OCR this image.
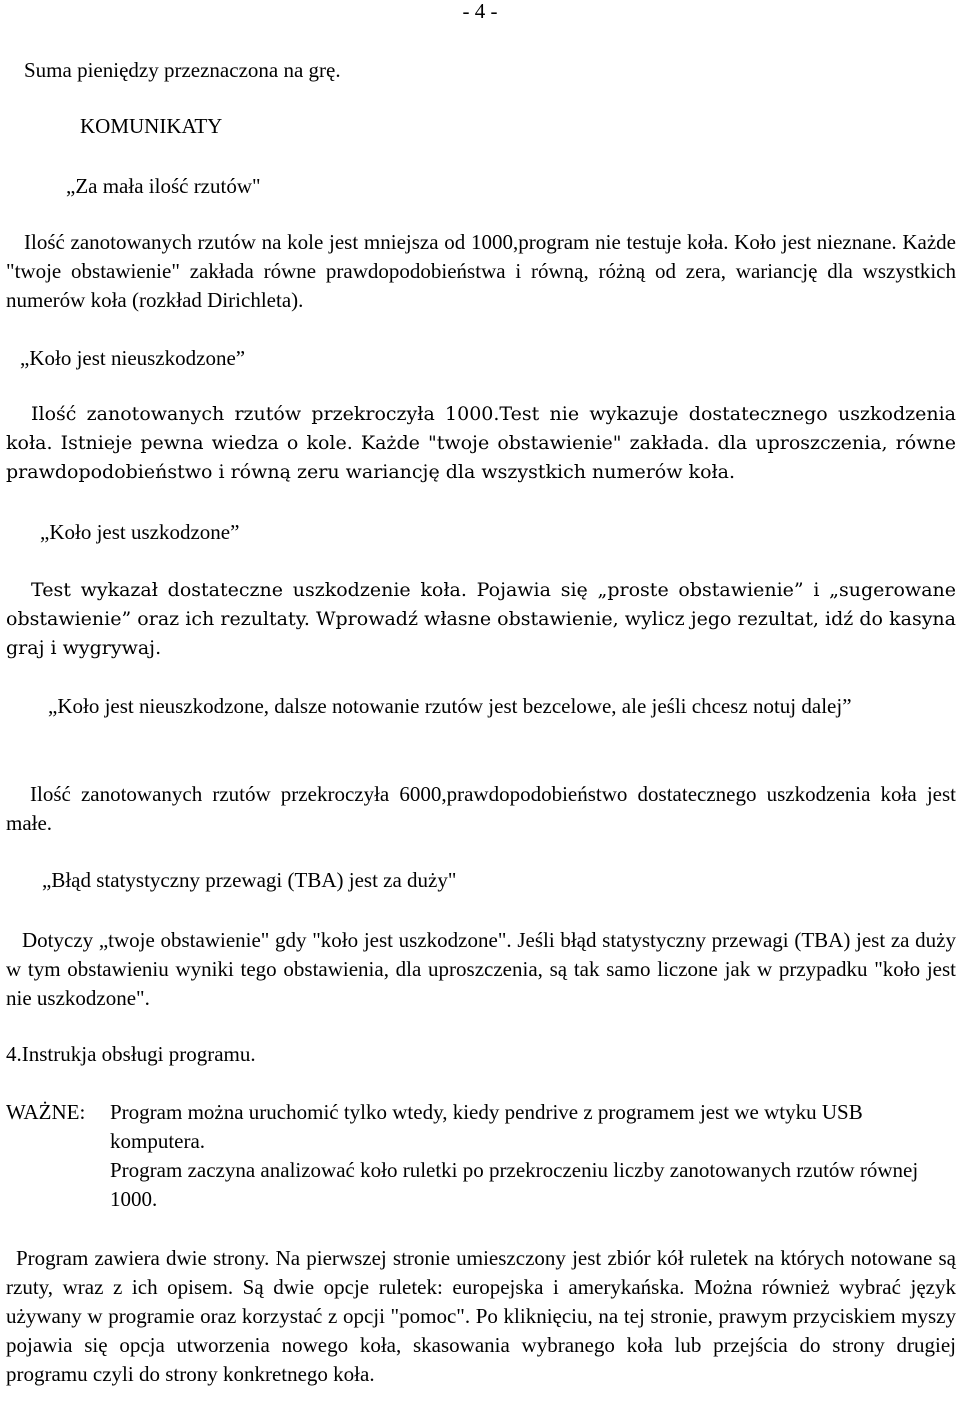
- 4 -

Suma pieniędzy przeznaczona na grę.

KOMUNIKATY

„Za mała ilość rzutów"

Ilość zanotowanych rzutów na kole jest mniejsza od 1000,program nie testuje koła. Koło jest nieznane. Każde "twoje obstawienie" zakłada równe prawdopodobieństwa i równą, różną od zera, wariancję dla wszystkich numerów koła (rozkład Dirichleta).

„Koło jest nieuszkodzone”

Ilość zanotowanych rzutów przekroczyła 1000.Test nie wykazuje dostatecznego uszkodzenia koła. Istnieje pewna wiedza o kole. Każde "twoje obstawienie" zakłada. dla uproszczenia, równe prawdopodobieństwo i równą zeru wariancję dla wszystkich numerów koła.

„Koło jest uszkodzone”

Test wykazał dostateczne uszkodzenie koła. Pojawia się „proste obstawienie” i „sugerowane obstawienie” oraz ich rezultaty. Wprowadź własne obstawienie, wylicz jego rezultat, idź do kasyna graj i wygrywaj.

„Koło jest nieuszkodzone, dalsze notowanie rzutów jest bezcelowe, ale jeśli chcesz notuj dalej”

Ilość zanotowanych rzutów przekroczyła 6000,prawdopodobieństwo dostatecznego uszkodzenia koła jest małe.

„Błąd statystyczny przewagi (TBA) jest za duży"

Dotyczy „twoje obstawienie" gdy "koło jest uszkodzone". Jeśli błąd statystyczny przewagi (TBA) jest za duży w tym obstawieniu wyniki tego obstawienia, dla uproszczenia, są tak samo liczone jak w przypadku "koło jest nie uszkodzone".

4.Instrukja obsługi programu.

WAŻNE:	Program można uruchomić tylko wtedy, kiedy pendrive z programem jest we wtyku USB komputera.
Program zaczyna analizować koło ruletki po przekroczeniu liczby zanotowanych rzutów równej 1000.

Program zawiera dwie strony. Na pierwszej stronie umieszczony jest zbiór kół ruletek na których notowane są rzuty, wraz z ich opisem. Są dwie opcje ruletek: europejska i amerykańska. Można również wybrać język używany w programie oraz korzystać z opcji "pomoc". Po kliknięciu, na tej stronie, prawym przyciskiem myszy pojawia się opcja utworzenia nowego koła, skasowania wybranego koła lub przejścia do strony drugiej programu czyli do strony konkretnego koła.
